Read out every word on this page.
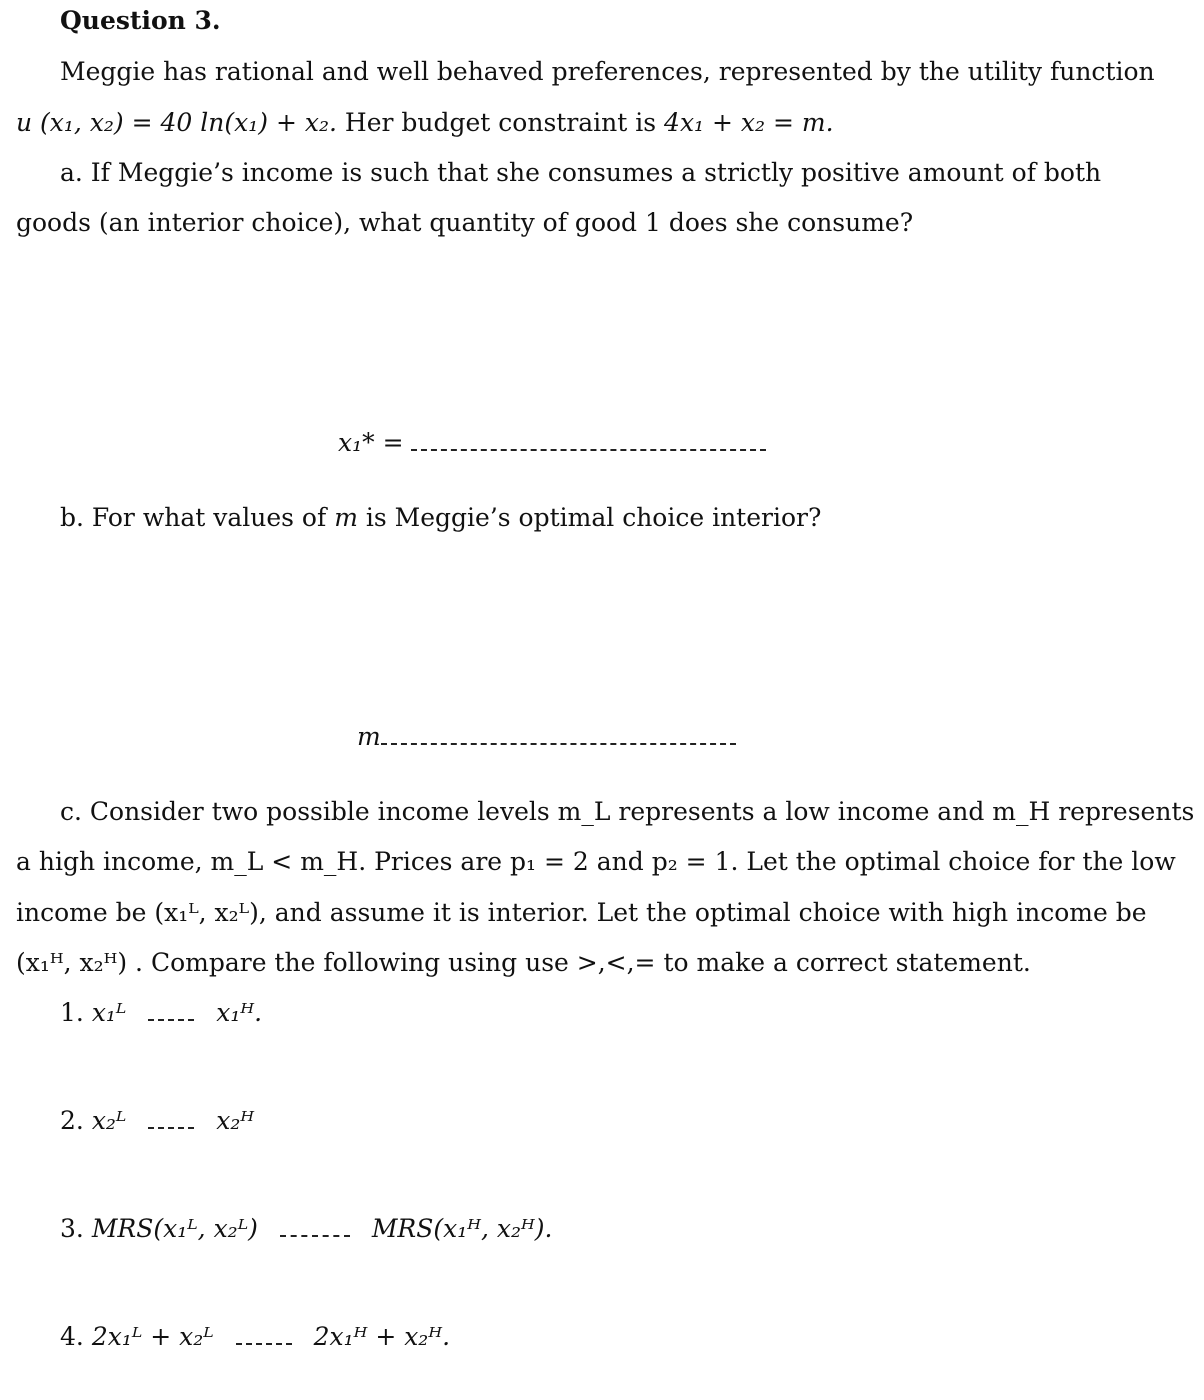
Question 3.
Meggie has rational and well behaved preferences, represented by the utility function
u (x₁, x₂) = 40 ln(x₁) + x₂. Her budget constraint is 4x₁ + x₂ = m.
a. If Meggie’s income is such that she consumes a strictly positive amount of both
goods (an interior choice), what quantity of good 1 does she consume?
x₁* =
b. For what values of m is Meggie’s optimal choice interior?
m
c. Consider two possible income levels m_L represents a low income and m_H represents
a high income, m_L < m_H. Prices are p₁ = 2 and p₂ = 1. Let the optimal choice for the low
income be (x₁ᴸ, x₂ᴸ), and assume it is interior. Let the optimal choice with high income be
(x₁ᴴ, x₂ᴴ) . Compare the following using use >,<,= to make a correct statement.
1. x₁ᴸ	x₁ᴴ.
2. x₂ᴸ	x₂ᴴ
3. MRS(x₁ᴸ, x₂ᴸ)	MRS(x₁ᴴ, x₂ᴴ).
4. 2x₁ᴸ + x₂ᴸ	2x₁ᴴ + x₂ᴴ.
